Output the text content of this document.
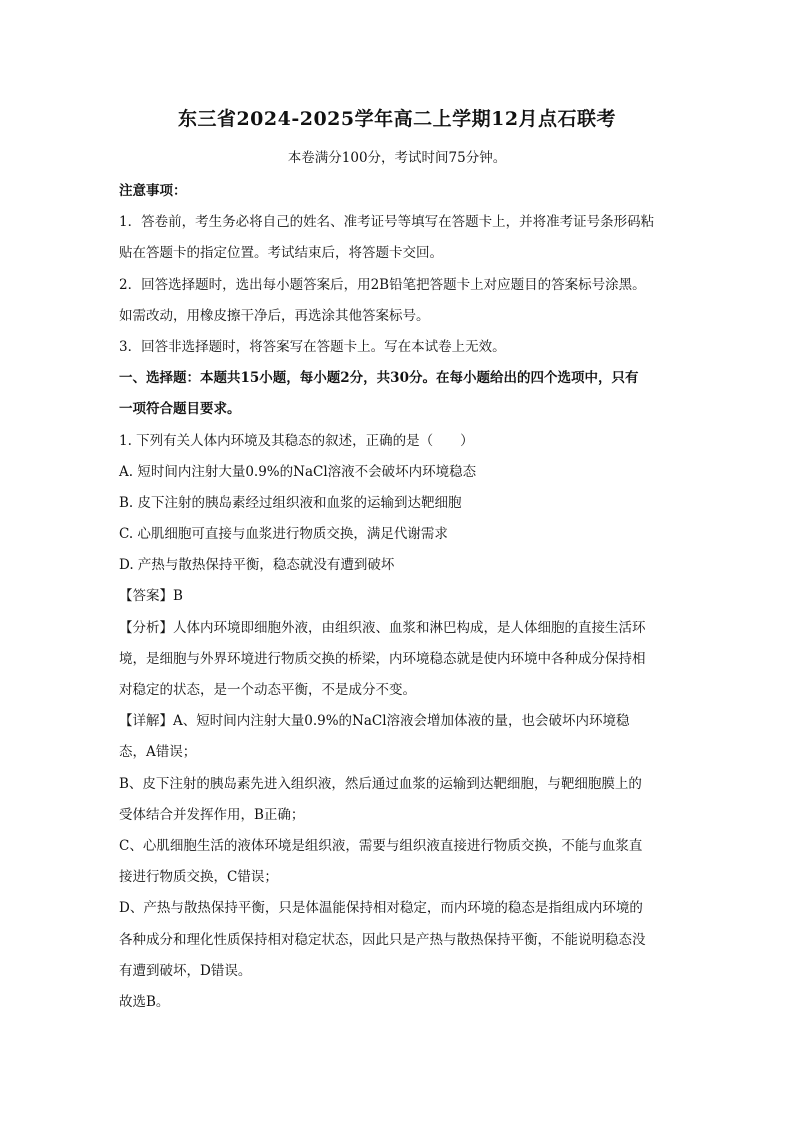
东三省2024-2025学年高二上学期12月点石联考
本卷满分100分，考试时间75分钟。
注意事项：
1．答卷前，考生务必将自己的姓名、准考证号等填写在答题卡上，并将准考证号条形码粘
贴在答题卡的指定位置。考试结束后，将答题卡交回。
2．回答选择题时，选出每小题答案后，用2B铅笔把答题卡上对应题目的答案标号涂黑。
如需改动，用橡皮擦干净后，再选涂其他答案标号。
3．回答非选择题时，将答案写在答题卡上。写在本试卷上无效。
一、选择题：本题共15小题，每小题2分，共30分。在每小题给出的四个选项中，只有
一项符合题目要求。
1. 下列有关人体内环境及其稳态的叙述，正确的是（　　）
A. 短时间内注射大量0.9%的NaCl溶液不会破坏内环境稳态
B. 皮下注射的胰岛素经过组织液和血浆的运输到达靶细胞
C. 心肌细胞可直接与血浆进行物质交换，满足代谢需求
D. 产热与散热保持平衡，稳态就没有遭到破坏
【答案】B
【分析】人体内环境即细胞外液，由组织液、血浆和淋巴构成，是人体细胞的直接生活环
境，是细胞与外界环境进行物质交换的桥梁，内环境稳态就是使内环境中各种成分保持相
对稳定的状态，是一个动态平衡，不是成分不变。
【详解】A、短时间内注射大量0.9%的NaCl溶液会增加体液的量，也会破坏内环境稳
态，A错误；
B、皮下注射的胰岛素先进入组织液，然后通过血浆的运输到达靶细胞，与靶细胞膜上的
受体结合并发挥作用，B正确；
C、心肌细胞生活的液体环境是组织液，需要与组织液直接进行物质交换，不能与血浆直
接进行物质交换，C错误；
D、产热与散热保持平衡，只是体温能保持相对稳定，而内环境的稳态是指组成内环境的
各种成分和理化性质保持相对稳定状态，因此只是产热与散热保持平衡，不能说明稳态没
有遭到破坏，D错误。
故选B。
